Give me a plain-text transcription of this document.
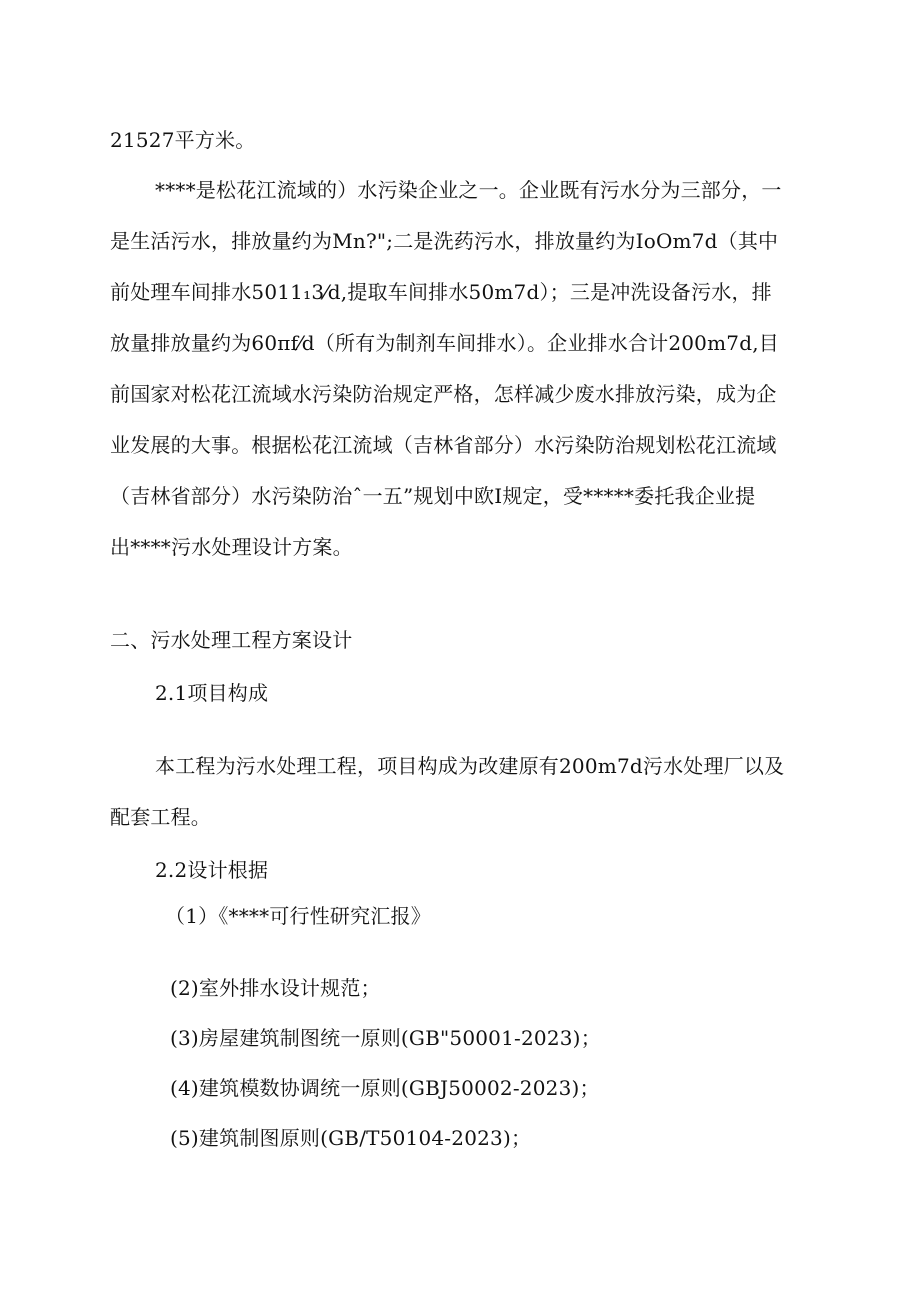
21527平方米。
****是松花江流域的）水污染企业之一。企业既有污水分为三部分，一
是生活污水，排放量约为Mn?";二是洗药污水，排放量约为IoOm7d（其中
前处理车间排水5011₁3⁄d,提取车间排水50m7d）；三是冲洗设备污水，排
放量排放量约为60πf⁄d（所有为制剂车间排水）。企业排水合计200m7d,目
前国家对松花江流域水污染防治规定严格，怎样减少废水排放污染，成为企
业发展的大事。根据松花江流域（吉林省部分）水污染防治规划松花江流域
（吉林省部分）水污染防治ˆ一五”规划中欧I规定，受*****委托我企业提
出****污水处理设计方案。
二、污水处理工程方案设计
2.1项目构成
本工程为污水处理工程，项目构成为改建原有200m7d污水处理厂以及
配套工程。
2.2设计根据
（1）《****可行性研究汇报》
(2)室外排水设计规范；
(3)房屋建筑制图统一原则(GB"50001-2023)；
(4)建筑模数协调统一原则(GBJ50002-2023)；
(5)建筑制图原则(GB/T50104-2023)；
